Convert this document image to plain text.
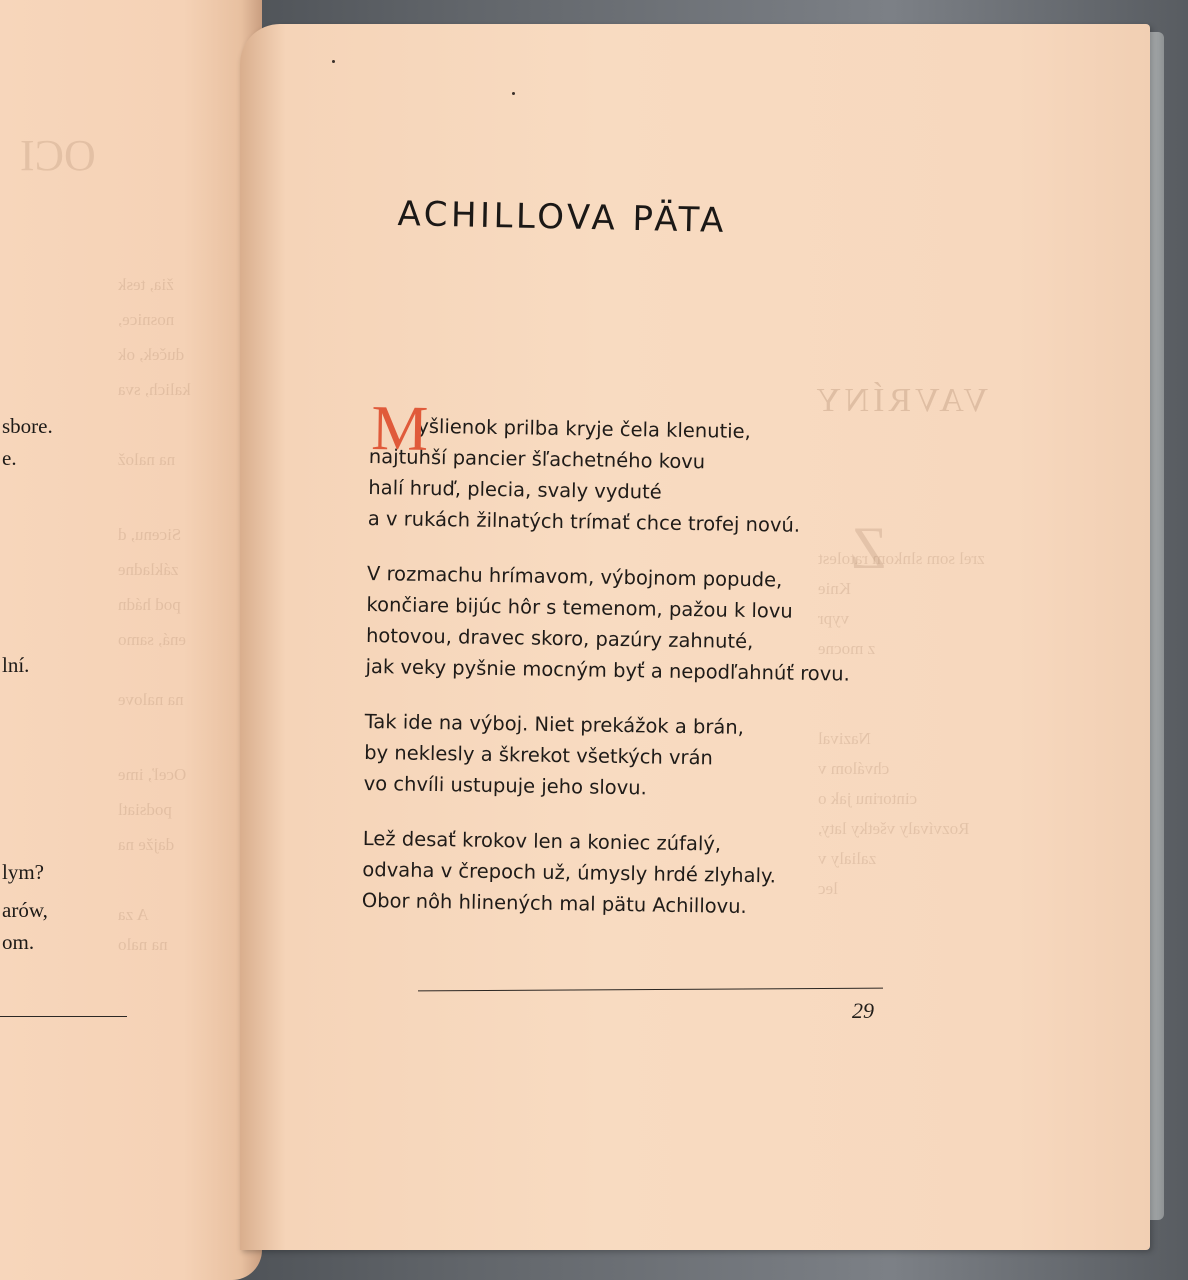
OCI
žia, tesk
nosnice,
duček, ok
kalich, sva
na nalož
Sicenu, d
základne
pod hádn
ená, samo
na nalove
Oceľ, ime
podsiatl
dajže na
A za
na nalo
sbore.
e.
lní.
lym?
arów,
om.
VAVRÍNY
Z
zrel som slnkom ratolest
Knie
vypr
z mocne
Nazival
chválom v
cintorinu jak o
Rozvívaly všetky laty,
zalialy v
lec
ACHILLOVA PÄTA
M
yšlienok prilba kryje čela klenutie,
najtuhší pancier šľachetného kovu
halí hruď, plecia, svaly vyduté
a v rukách žilnatých trímať chce trofej novú.
V rozmachu hrímavom, výbojnom popude,
končiare bijúc hôr s temenom, pažou k lovu
hotovou, dravec skoro, pazúry zahnuté,
jak veky pyšnie mocným byť a nepodľahnúť rovu.
Tak ide na výboj. Niet prekážok a brán,
by neklesly a škrekot všetkých vrán
vo chvíli ustupuje jeho slovu.
Lež desať krokov len a koniec zúfalý,
odvaha v črepoch už, úmysly hrdé zlyhaly.
Obor nôh hlinených mal pätu Achillovu.
29
